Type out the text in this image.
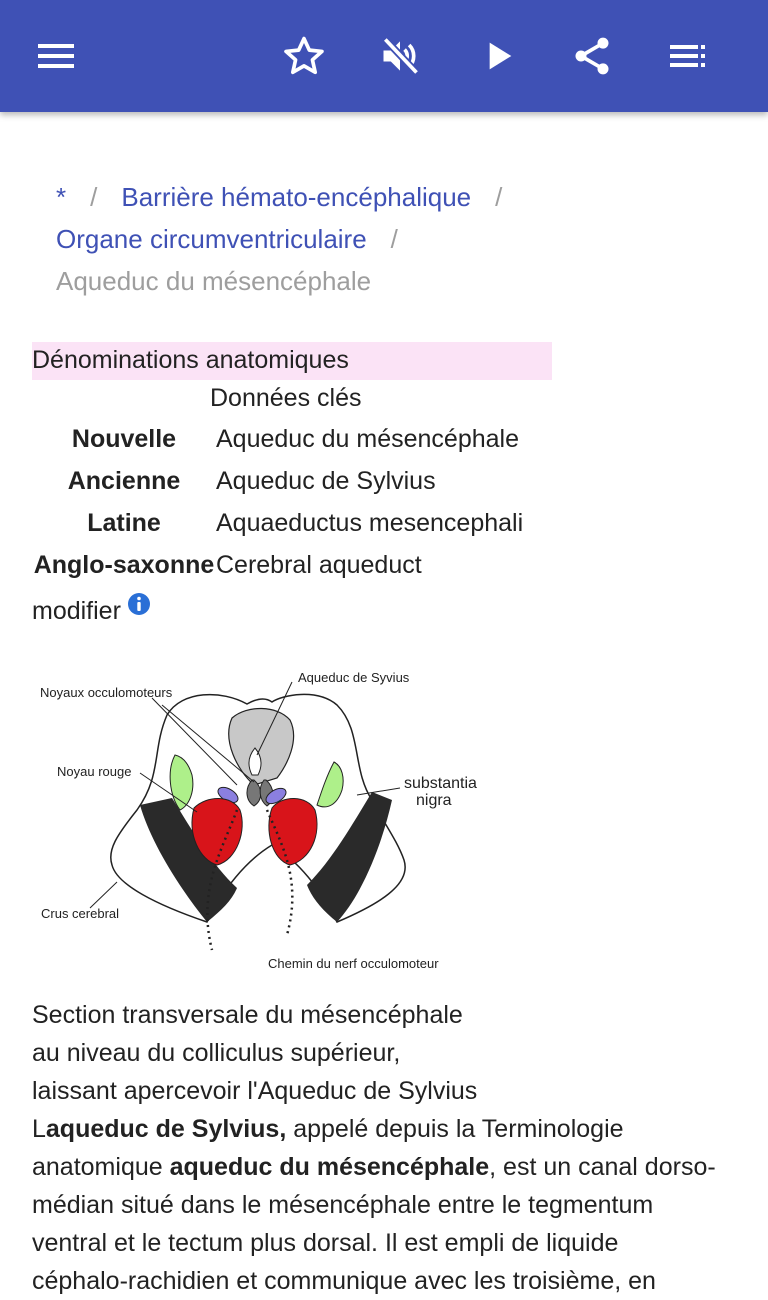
* / Barrière hémato-encéphalique /
Organe circumventriculaire /
Aqueduc du mésencéphale
Dénominations anatomiques
Données clés
Nouvelle	Aqueduc du mésencéphale
Ancienne	Aqueduc de Sylvius
Latine	Aquaeductus mesencephali
Anglo-saxonne Cerebral aqueduct
modifier
Aqueduc de Syvius
Noyaux occulomoteurs
Noyau rouge
substantia
nigra
Crus cerebral
Chemin du nerf occulomoteur
Section transversale du mésencéphale
au niveau du colliculus supérieur,
laissant apercevoir l'Aqueduc de Sylvius
Laqueduc de Sylvius, appelé depuis la Terminologie
anatomique aqueduc du mésencéphale, est un canal dorso-
médian situé dans le mésencéphale entre le tegmentum
ventral et le tectum plus dorsal. Il est empli de liquide
céphalo-rachidien et communique avec les troisième, en
